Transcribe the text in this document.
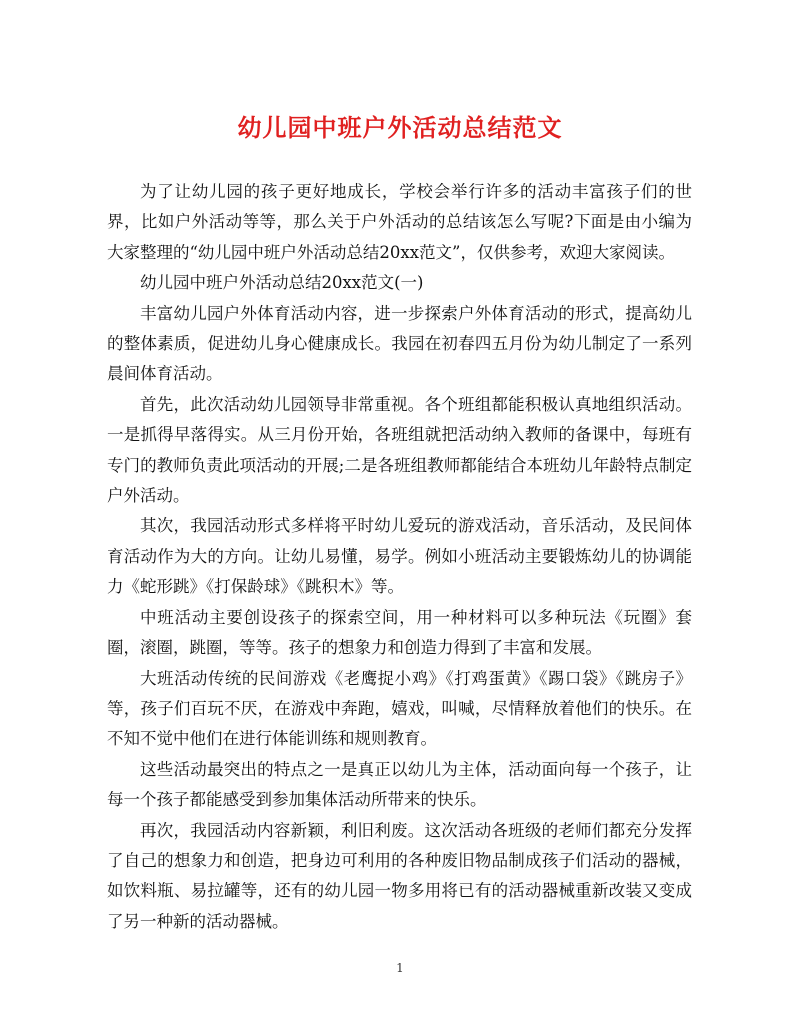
幼儿园中班户外活动总结范文

为了让幼儿园的孩子更好地成长，学校会举行许多的活动丰富孩子们的世界，比如户外活动等等，那么关于户外活动的总结该怎么写呢?下面是由小编为大家整理的“幼儿园中班户外活动总结20xx范文”，仅供参考，欢迎大家阅读。

幼儿园中班户外活动总结20xx范文(一)

丰富幼儿园户外体育活动内容，进一步探索户外体育活动的形式，提高幼儿的整体素质，促进幼儿身心健康成长。我园在初春四五月份为幼儿制定了一系列晨间体育活动。

首先，此次活动幼儿园领导非常重视。各个班组都能积极认真地组织活动。一是抓得早落得实。从三月份开始，各班组就把活动纳入教师的备课中，每班有专门的教师负责此项活动的开展;二是各班组教师都能结合本班幼儿年龄特点制定户外活动。

其次，我园活动形式多样将平时幼儿爱玩的游戏活动，音乐活动，及民间体育活动作为大的方向。让幼儿易懂，易学。例如小班活动主要锻炼幼儿的协调能力《蛇形跳》《打保龄球》《跳积木》等。

中班活动主要创设孩子的探索空间，用一种材料可以多种玩法《玩圈》套圈，滚圈，跳圈，等等。孩子的想象力和创造力得到了丰富和发展。

大班活动传统的民间游戏《老鹰捉小鸡》《打鸡蛋黄》《踢口袋》《跳房子》等，孩子们百玩不厌，在游戏中奔跑，嬉戏，叫喊，尽情释放着他们的快乐。在不知不觉中他们在进行体能训练和规则教育。

这些活动最突出的特点之一是真正以幼儿为主体，活动面向每一个孩子，让每一个孩子都能感受到参加集体活动所带来的快乐。

再次，我园活动内容新颖，利旧利废。这次活动各班级的老师们都充分发挥了自己的想象力和创造，把身边可利用的各种废旧物品制成孩子们活动的器械，如饮料瓶、易拉罐等，还有的幼儿园一物多用将已有的活动器械重新改装又变成了另一种新的活动器械。

1
